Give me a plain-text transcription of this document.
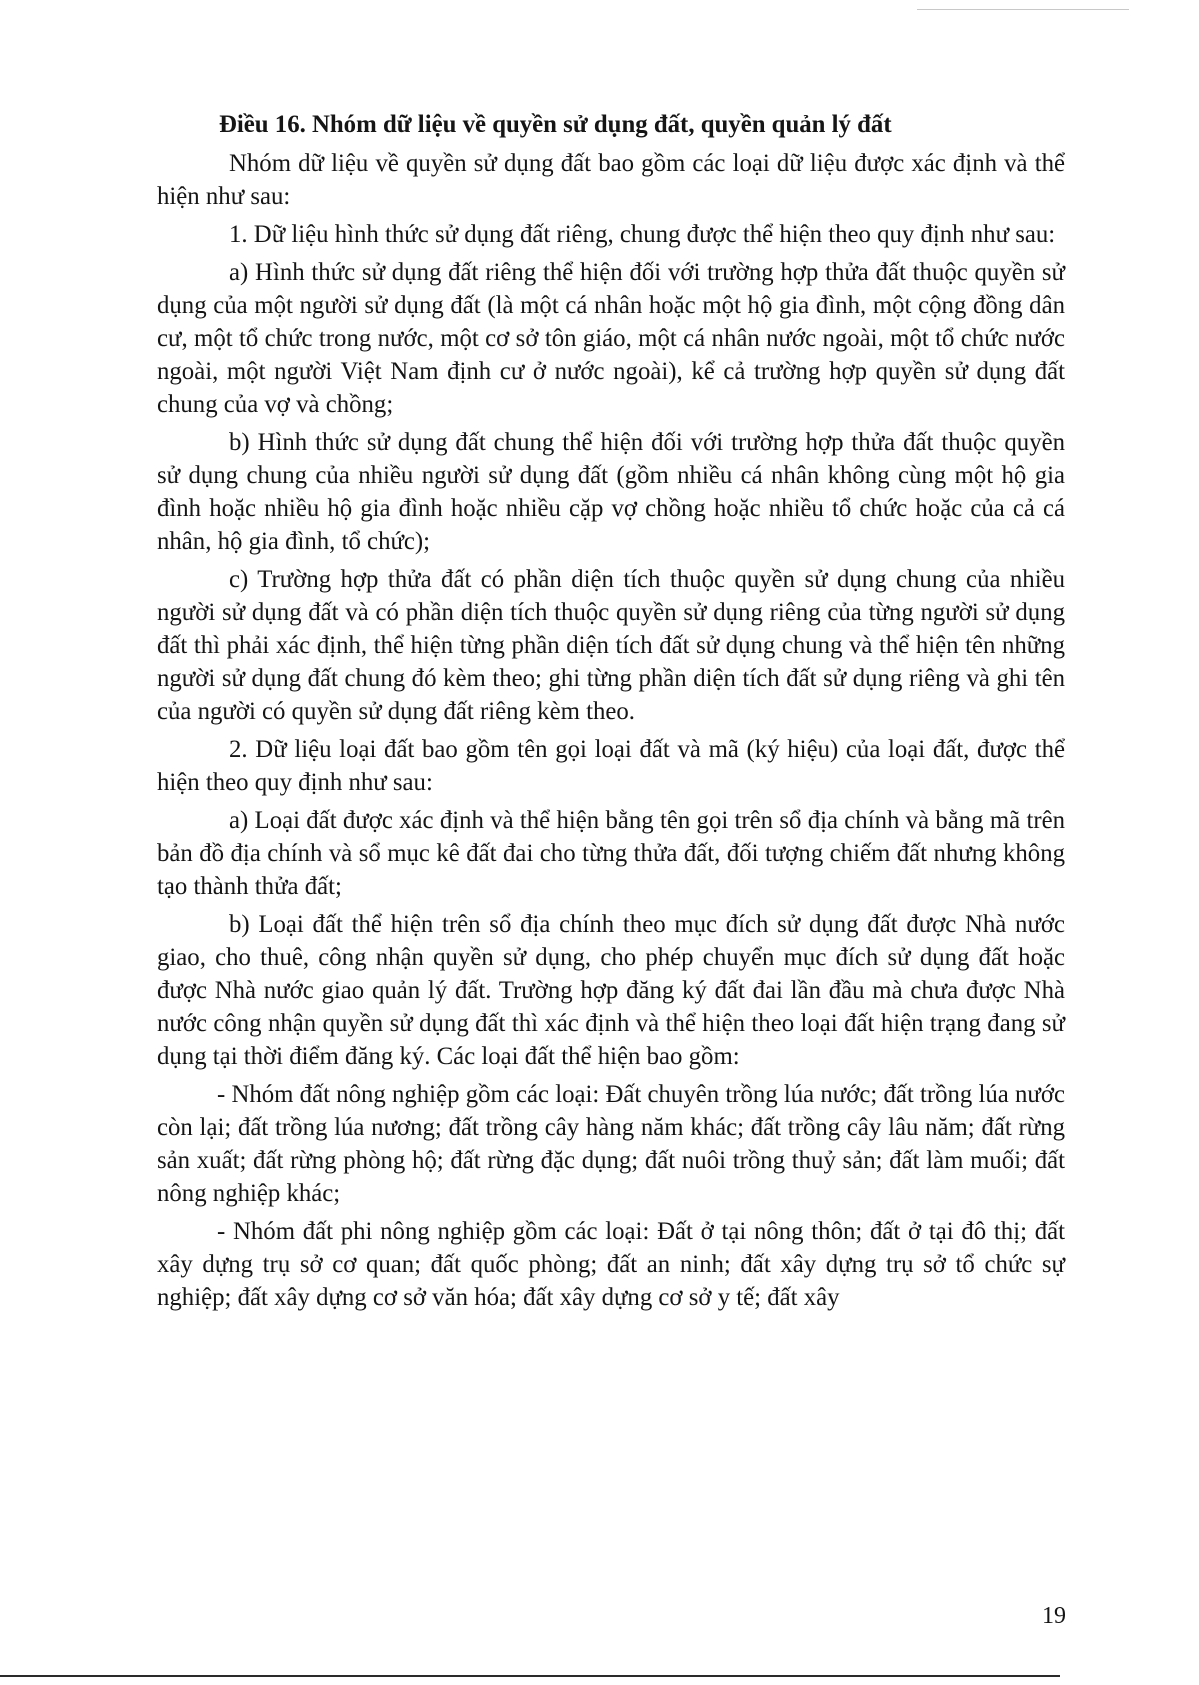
Điều 16. Nhóm dữ liệu về quyền sử dụng đất, quyền quản lý đất

Nhóm dữ liệu về quyền sử dụng đất bao gồm các loại dữ liệu được xác định và thể hiện như sau:

1. Dữ liệu hình thức sử dụng đất riêng, chung được thể hiện theo quy định như sau:

a) Hình thức sử dụng đất riêng thể hiện đối với trường hợp thửa đất thuộc quyền sử dụng của một người sử dụng đất (là một cá nhân hoặc một hộ gia đình, một cộng đồng dân cư, một tổ chức trong nước, một cơ sở tôn giáo, một cá nhân nước ngoài, một tổ chức nước ngoài, một người Việt Nam định cư ở nước ngoài), kể cả trường hợp quyền sử dụng đất chung của vợ và chồng;

b) Hình thức sử dụng đất chung thể hiện đối với trường hợp thửa đất thuộc quyền sử dụng chung của nhiều người sử dụng đất (gồm nhiều cá nhân không cùng một hộ gia đình hoặc nhiều hộ gia đình hoặc nhiều cặp vợ chồng hoặc nhiều tổ chức hoặc của cả cá nhân, hộ gia đình, tổ chức);

c) Trường hợp thửa đất có phần diện tích thuộc quyền sử dụng chung của nhiều người sử dụng đất và có phần diện tích thuộc quyền sử dụng riêng của từng người sử dụng đất thì phải xác định, thể hiện từng phần diện tích đất sử dụng chung và thể hiện tên những người sử dụng đất chung đó kèm theo; ghi từng phần diện tích đất sử dụng riêng và ghi tên của người có quyền sử dụng đất riêng kèm theo.

2. Dữ liệu loại đất bao gồm tên gọi loại đất và mã (ký hiệu) của loại đất, được thể hiện theo quy định như sau:

a) Loại đất được xác định và thể hiện bằng tên gọi trên sổ địa chính và bằng mã trên bản đồ địa chính và sổ mục kê đất đai cho từng thửa đất, đối tượng chiếm đất nhưng không tạo thành thửa đất;

b) Loại đất thể hiện trên sổ địa chính theo mục đích sử dụng đất được Nhà nước giao, cho thuê, công nhận quyền sử dụng, cho phép chuyển mục đích sử dụng đất hoặc được Nhà nước giao quản lý đất. Trường hợp đăng ký đất đai lần đầu mà chưa được Nhà nước công nhận quyền sử dụng đất thì xác định và thể hiện theo loại đất hiện trạng đang sử dụng tại thời điểm đăng ký. Các loại đất thể hiện bao gồm:

- Nhóm đất nông nghiệp gồm các loại: Đất chuyên trồng lúa nước; đất trồng lúa nước còn lại; đất trồng lúa nương; đất trồng cây hàng năm khác; đất trồng cây lâu năm; đất rừng sản xuất; đất rừng phòng hộ; đất rừng đặc dụng; đất nuôi trồng thuỷ sản; đất làm muối; đất nông nghiệp khác;

- Nhóm đất phi nông nghiệp gồm các loại: Đất ở tại nông thôn; đất ở tại đô thị; đất xây dựng trụ sở cơ quan; đất quốc phòng; đất an ninh; đất xây dựng trụ sở tổ chức sự nghiệp; đất xây dựng cơ sở văn hóa; đất xây dựng cơ sở y tế; đất xây

19
